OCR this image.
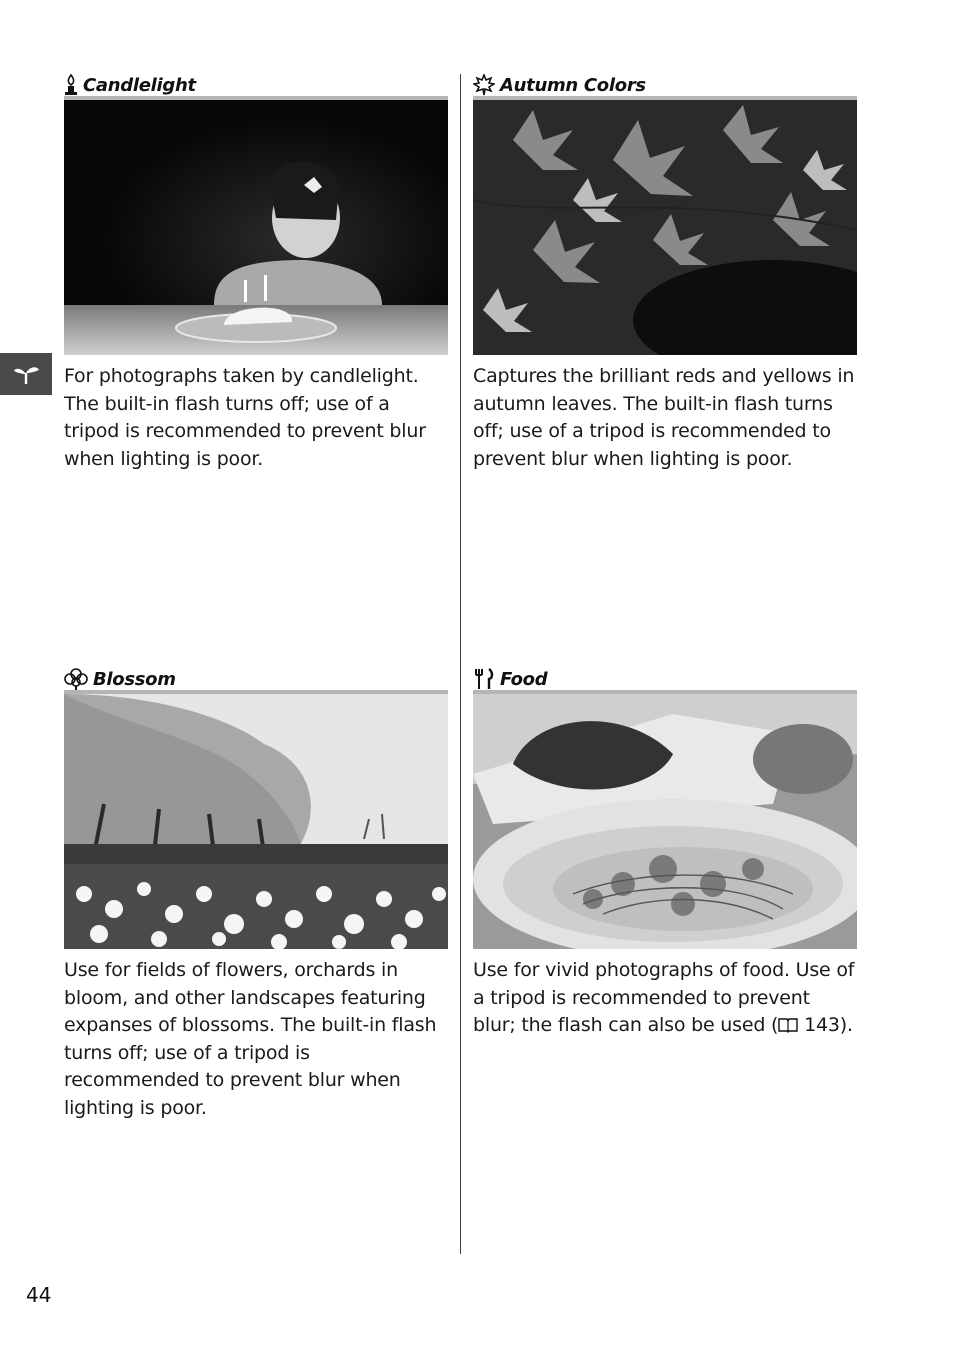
Candlelight
For photographs taken by candlelight. The built-in flash turns off; use of a tripod is recommended to prevent blur when lighting is poor.
Autumn Colors
Captures the brilliant reds and yellows in autumn leaves. The built-in flash turns off; use of a tripod is recommended to prevent blur when lighting is poor.
Blossom
Use for fields of flowers, orchards in bloom, and other landscapes featuring expanses of blossoms. The built-in flash turns off; use of a tripod is recommended to prevent blur when lighting is poor.
Food
Use for vivid photographs of food. Use of a tripod is recommended to prevent blur; the flash can also be used ( 143).
44
